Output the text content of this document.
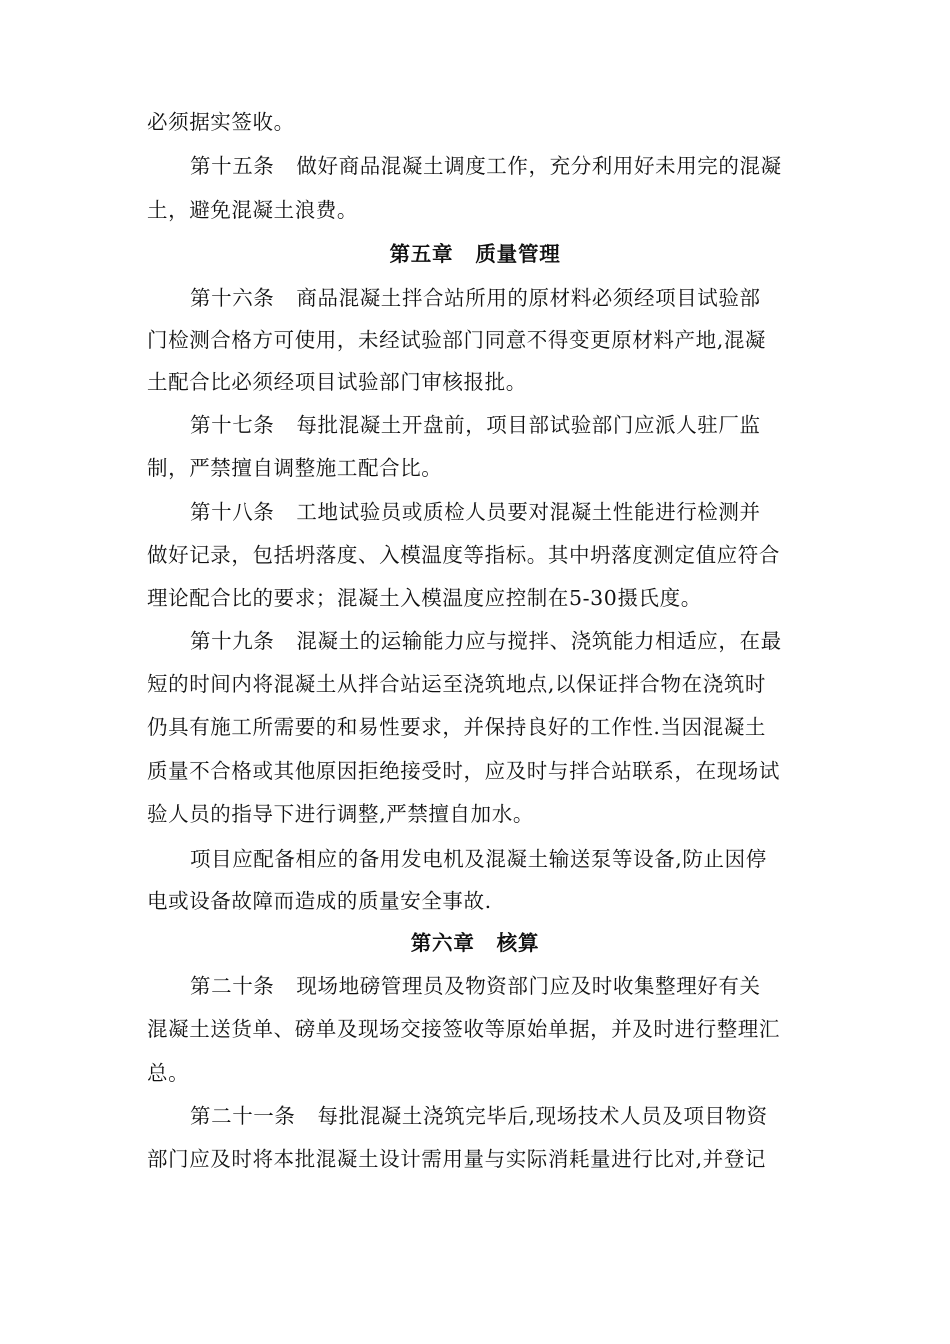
必须据实签收。
第十五条 做好商品混凝土调度工作，充分利用好未用完的混凝
土，避免混凝土浪费。
第五章 质量管理
第十六条 商品混凝土拌合站所用的原材料必须经项目试验部
门检测合格方可使用，未经试验部门同意不得变更原材料产地,混凝
土配合比必须经项目试验部门审核报批。
第十七条 每批混凝土开盘前，项目部试验部门应派人驻厂监
制，严禁擅自调整施工配合比。
第十八条 工地试验员或质检人员要对混凝土性能进行检测并
做好记录，包括坍落度、入模温度等指标。其中坍落度测定值应符合
理论配合比的要求；混凝土入模温度应控制在5-30摄氏度。
第十九条 混凝土的运输能力应与搅拌、浇筑能力相适应，在最
短的时间内将混凝土从拌合站运至浇筑地点,以保证拌合物在浇筑时
仍具有施工所需要的和易性要求，并保持良好的工作性.当因混凝土
质量不合格或其他原因拒绝接受时，应及时与拌合站联系，在现场试
验人员的指导下进行调整,严禁擅自加水。
项目应配备相应的备用发电机及混凝土输送泵等设备,防止因停
电或设备故障而造成的质量安全事故.
第六章 核算
第二十条 现场地磅管理员及物资部门应及时收集整理好有关
混凝土送货单、磅单及现场交接签收等原始单据，并及时进行整理汇
总。
第二十一条 每批混凝土浇筑完毕后,现场技术人员及项目物资
部门应及时将本批混凝土设计需用量与实际消耗量进行比对,并登记
